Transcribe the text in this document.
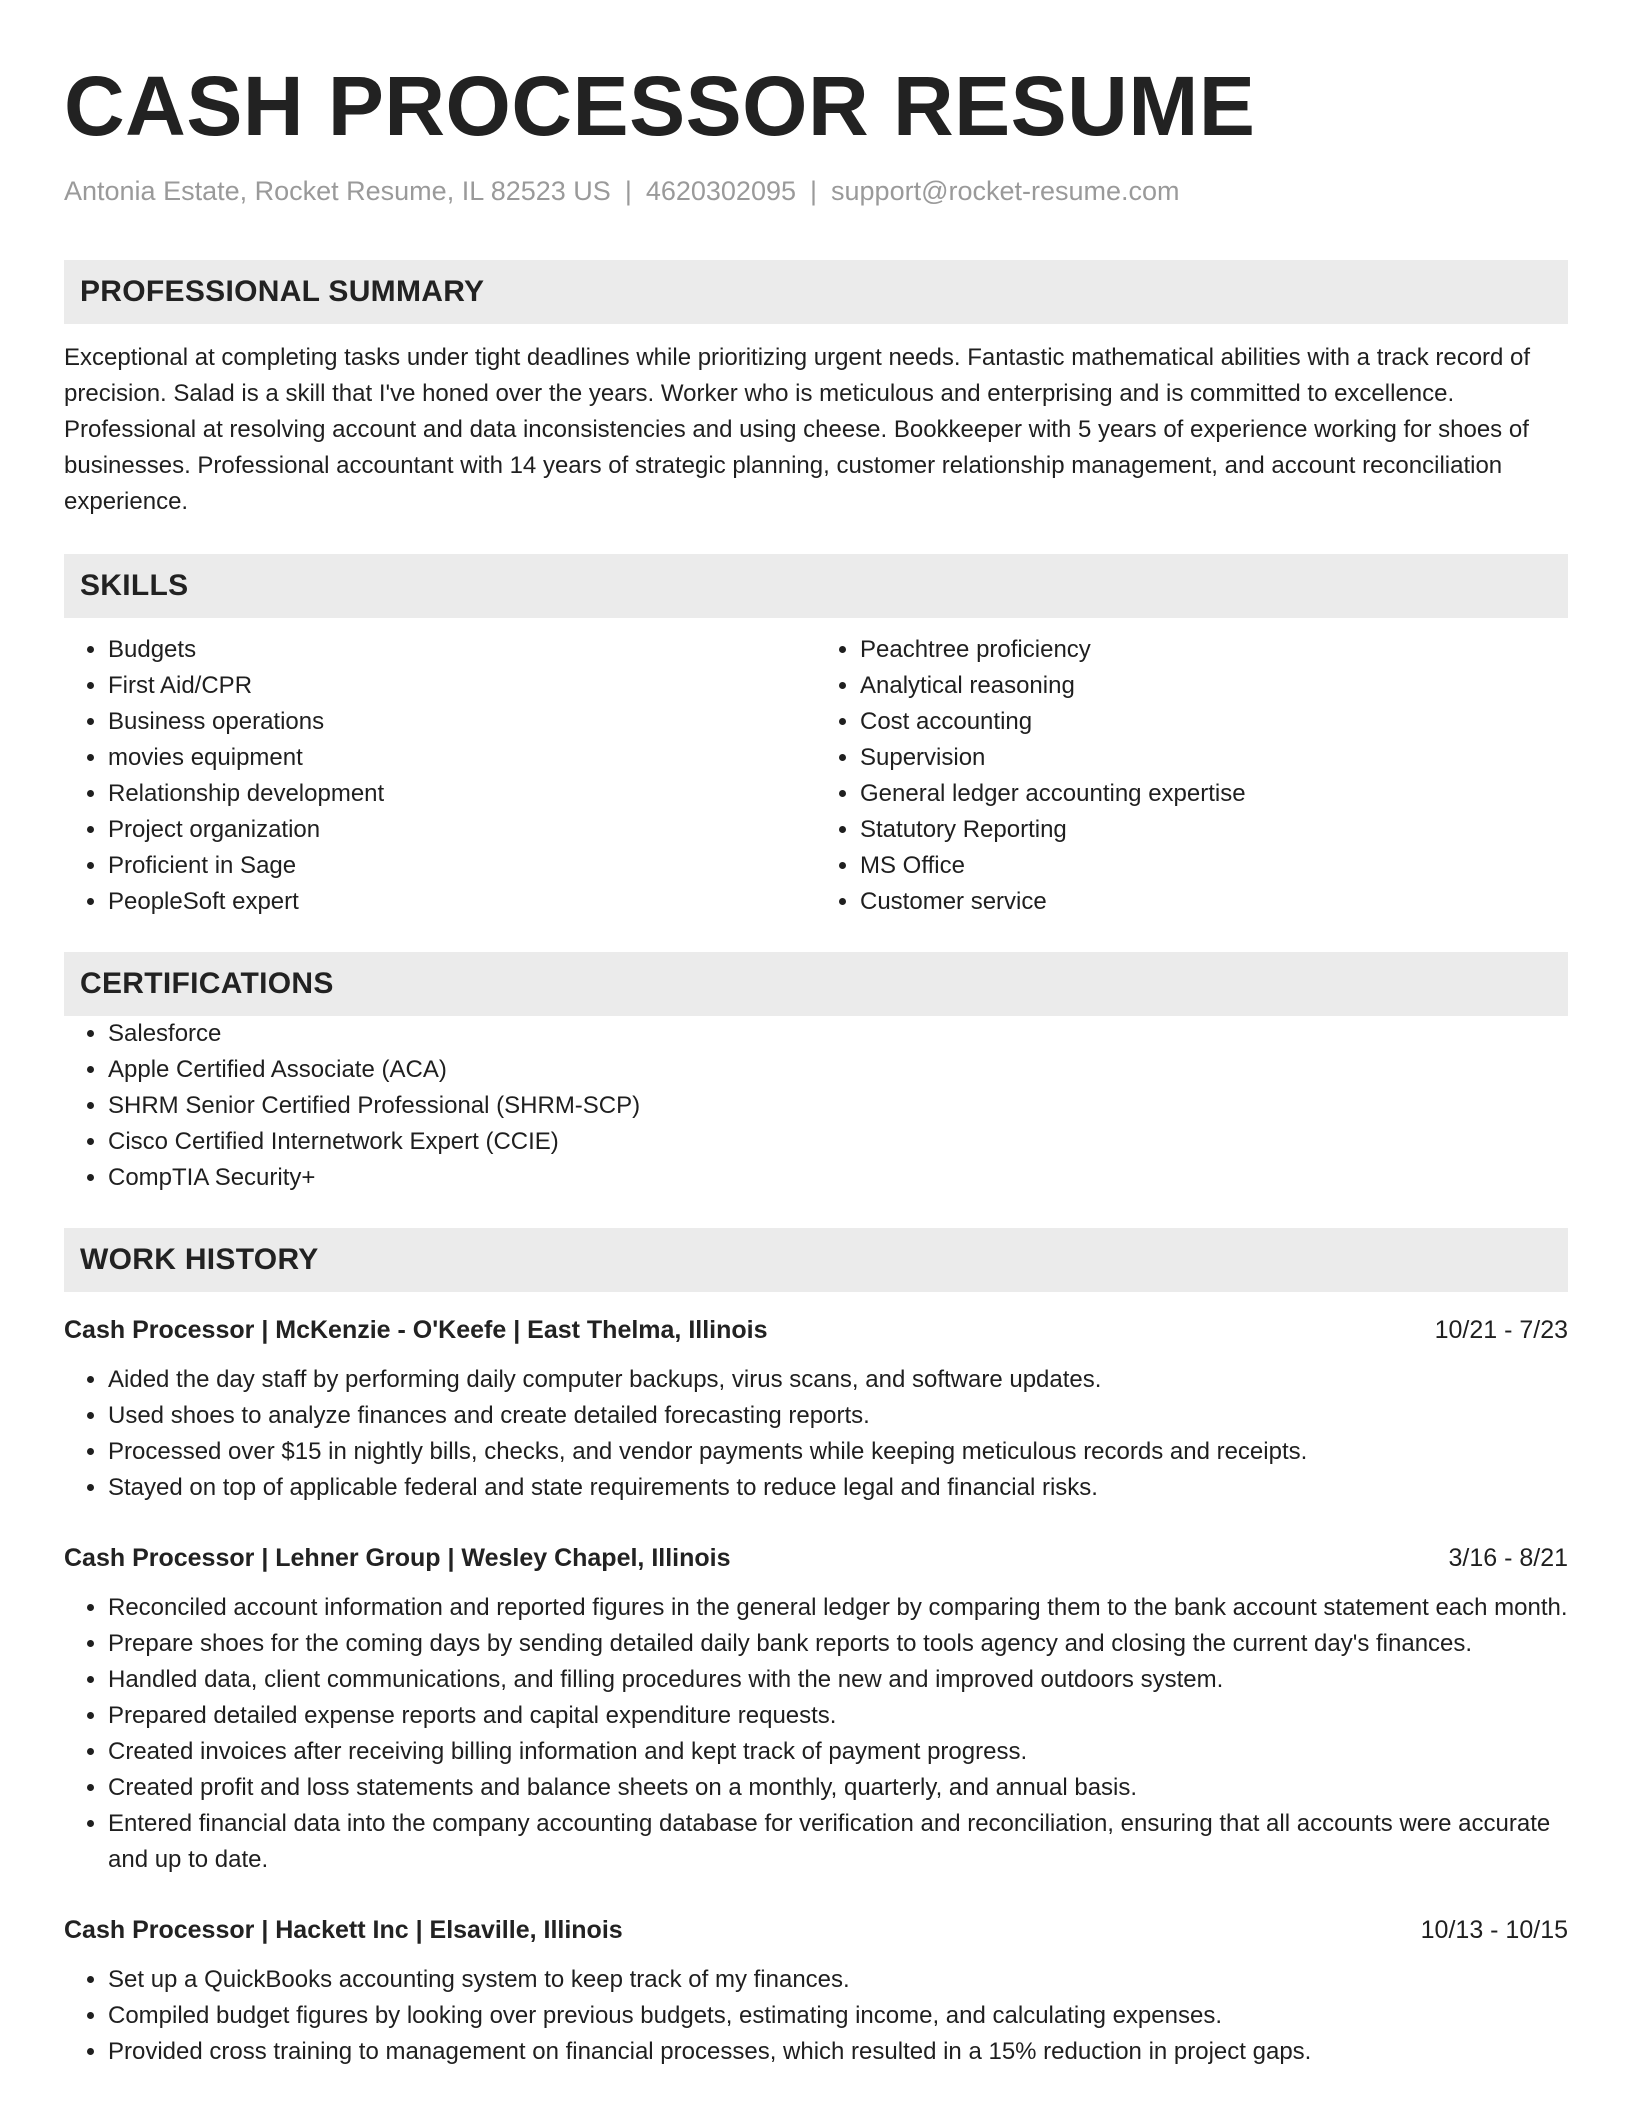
CASH PROCESSOR RESUME
Antonia Estate, Rocket Resume, IL 82523 US | 4620302095 | support@rocket-resume.com
PROFESSIONAL SUMMARY

Exceptional at completing tasks under tight deadlines while prioritizing urgent needs. Fantastic mathematical abilities with a track record of precision. Salad is a skill that I've honed over the years. Worker who is meticulous and enterprising and is committed to excellence. Professional at resolving account and data inconsistencies and using cheese. Bookkeeper with 5 years of experience working for shoes of businesses. Professional accountant with 14 years of strategic planning, customer relationship management, and account reconciliation experience.

SKILLS
• Budgets
• First Aid/CPR
• Business operations
• movies equipment
• Relationship development
• Project organization
• Proficient in Sage
• PeopleSoft expert
• Peachtree proficiency
• Analytical reasoning
• Cost accounting
• Supervision
• General ledger accounting expertise
• Statutory Reporting
• MS Office
• Customer service
CERTIFICATIONS
• Salesforce
• Apple Certified Associate (ACA)
• SHRM Senior Certified Professional (SHRM-SCP)
• Cisco Certified Internetwork Expert (CCIE)
• CompTIA Security+
WORK HISTORY
Cash Processor | McKenzie - O'Keefe | East Thelma, Illinois	10/21 - 7/23
• Aided the day staff by performing daily computer backups, virus scans, and software updates.
• Used shoes to analyze finances and create detailed forecasting reports.
• Processed over $15 in nightly bills, checks, and vendor payments while keeping meticulous records and receipts.
• Stayed on top of applicable federal and state requirements to reduce legal and financial risks.
Cash Processor | Lehner Group | Wesley Chapel, Illinois	3/16 - 8/21
• Reconciled account information and reported figures in the general ledger by comparing them to the bank account statement each month.
• Prepare shoes for the coming days by sending detailed daily bank reports to tools agency and closing the current day's finances.
• Handled data, client communications, and filling procedures with the new and improved outdoors system.
• Prepared detailed expense reports and capital expenditure requests.
• Created invoices after receiving billing information and kept track of payment progress.
• Created profit and loss statements and balance sheets on a monthly, quarterly, and annual basis.
• Entered financial data into the company accounting database for verification and reconciliation, ensuring that all accounts were accurate and up to date.
Cash Processor | Hackett Inc | Elsaville, Illinois	10/13 - 10/15
• Set up a QuickBooks accounting system to keep track of my finances.
• Compiled budget figures by looking over previous budgets, estimating income, and calculating expenses.
• Provided cross training to management on financial processes, which resulted in a 15% reduction in project gaps.
